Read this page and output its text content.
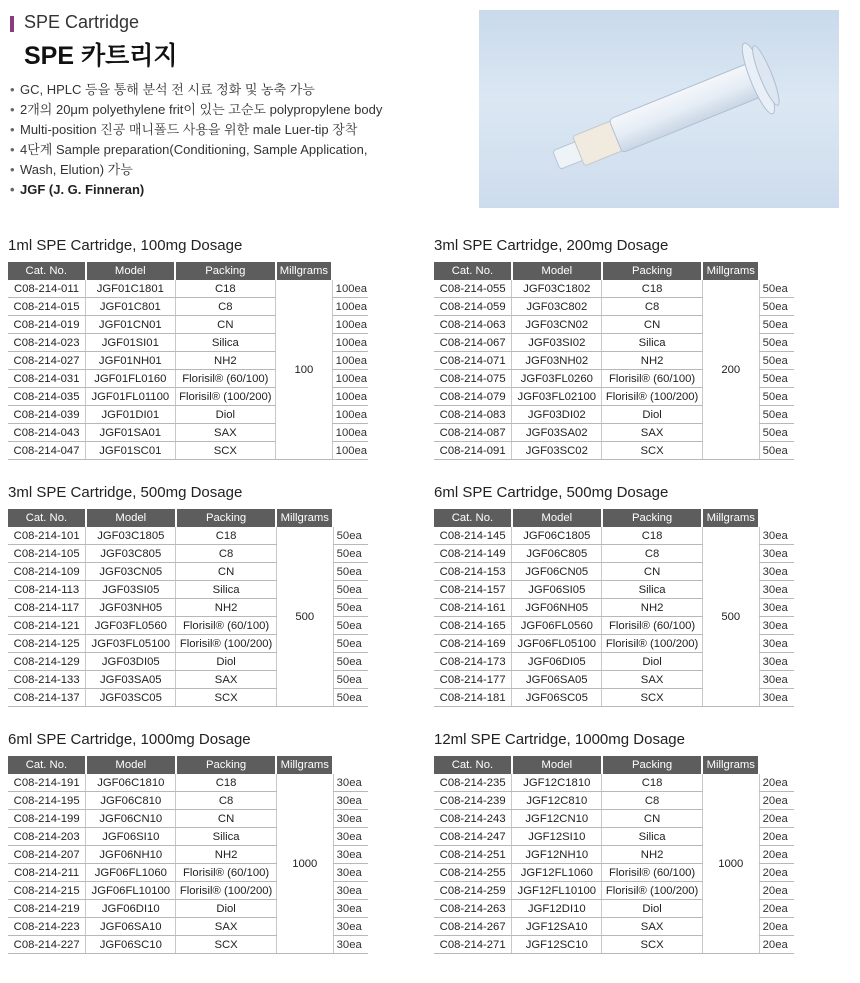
SPE Cartridge
SPE 카트리지
• GC, HPLC 등을 통해 분석 전 시료 정화 및 농축 가능
• 2개의 20μm polyethylene frit이 있는 고순도 polypropylene body
• Multi-position 진공 매니폴드 사용을 위한 male Luer-tip 장착
• 4단계 Sample preparation(Conditioning, Sample Application,
• Wash, Elution) 가능
• JGF (J. G. Finneran)
1ml SPE Cartridge, 100mg Dosage
Cat. No.	Model	Packing	Millgrams	
C08-214-011	JGF01C1801	C18	100	100ea
C08-214-015	JGF01C801	C8		100ea
C08-214-019	JGF01CN01	CN		100ea
C08-214-023	JGF01SI01	Silica		100ea
C08-214-027	JGF01NH01	NH2		100ea
C08-214-031	JGF01FL0160	Florisil® (60/100)		100ea
C08-214-035	JGF01FL01100	Florisil® (100/200)		100ea
C08-214-039	JGF01DI01	Diol		100ea
C08-214-043	JGF01SA01	SAX		100ea
C08-214-047	JGF01SC01	SCX		100ea
3ml SPE Cartridge, 200mg Dosage
Cat. No.	Model	Packing	Millgrams	
C08-214-055	JGF03C1802	C18	200	50ea
C08-214-059	JGF03C802	C8		50ea
C08-214-063	JGF03CN02	CN		50ea
C08-214-067	JGF03SI02	Silica		50ea
C08-214-071	JGF03NH02	NH2		50ea
C08-214-075	JGF03FL0260	Florisil® (60/100)		50ea
C08-214-079	JGF03FL02100	Florisil® (100/200)		50ea
C08-214-083	JGF03DI02	Diol		50ea
C08-214-087	JGF03SA02	SAX		50ea
C08-214-091	JGF03SC02	SCX		50ea
3ml SPE Cartridge, 500mg Dosage
Cat. No.	Model	Packing	Millgrams	
C08-214-101	JGF03C1805	C18	500	50ea
C08-214-105	JGF03C805	C8		50ea
C08-214-109	JGF03CN05	CN		50ea
C08-214-113	JGF03SI05	Silica		50ea
C08-214-117	JGF03NH05	NH2		50ea
C08-214-121	JGF03FL0560	Florisil® (60/100)		50ea
C08-214-125	JGF03FL05100	Florisil® (100/200)		50ea
C08-214-129	JGF03DI05	Diol		50ea
C08-214-133	JGF03SA05	SAX		50ea
C08-214-137	JGF03SC05	SCX		50ea
6ml SPE Cartridge, 500mg Dosage
Cat. No.	Model	Packing	Millgrams	
C08-214-145	JGF06C1805	C18	500	30ea
C08-214-149	JGF06C805	C8		30ea
C08-214-153	JGF06CN05	CN		30ea
C08-214-157	JGF06SI05	Silica		30ea
C08-214-161	JGF06NH05	NH2		30ea
C08-214-165	JGF06FL0560	Florisil® (60/100)		30ea
C08-214-169	JGF06FL05100	Florisil® (100/200)		30ea
C08-214-173	JGF06DI05	Diol		30ea
C08-214-177	JGF06SA05	SAX		30ea
C08-214-181	JGF06SC05	SCX		30ea
6ml SPE Cartridge, 1000mg Dosage
Cat. No.	Model	Packing	Millgrams	
C08-214-191	JGF06C1810	C18	1000	30ea
C08-214-195	JGF06C810	C8		30ea
C08-214-199	JGF06CN10	CN		30ea
C08-214-203	JGF06SI10	Silica		30ea
C08-214-207	JGF06NH10	NH2		30ea
C08-214-211	JGF06FL1060	Florisil® (60/100)		30ea
C08-214-215	JGF06FL10100	Florisil® (100/200)		30ea
C08-214-219	JGF06DI10	Diol		30ea
C08-214-223	JGF06SA10	SAX		30ea
C08-214-227	JGF06SC10	SCX		30ea
12ml SPE Cartridge, 1000mg Dosage
Cat. No.	Model	Packing	Millgrams	
C08-214-235	JGF12C1810	C18	1000	20ea
C08-214-239	JGF12C810	C8		20ea
C08-214-243	JGF12CN10	CN		20ea
C08-214-247	JGF12SI10	Silica		20ea
C08-214-251	JGF12NH10	NH2		20ea
C08-214-255	JGF12FL1060	Florisil® (60/100)		20ea
C08-214-259	JGF12FL10100	Florisil® (100/200)		20ea
C08-214-263	JGF12DI10	Diol		20ea
C08-214-267	JGF12SA10	SAX		20ea
C08-214-271	JGF12SC10	SCX		20ea
